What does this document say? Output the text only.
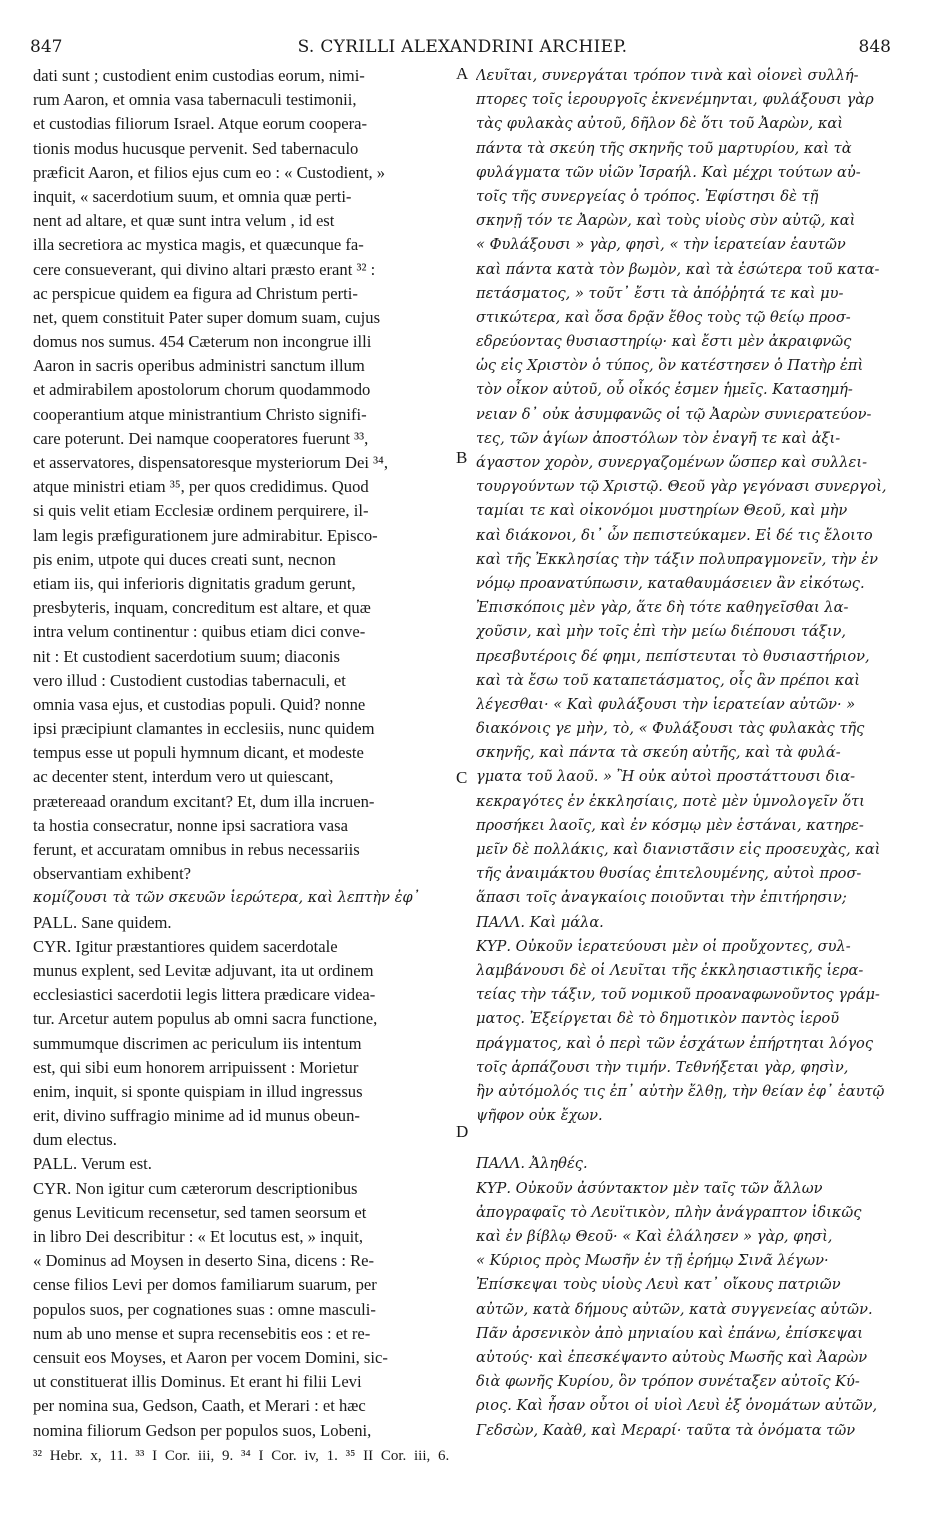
847	S. CYRILLI ALEXANDRINI ARCHIEP.	848
dati sunt ; custodient enim custodias eorum, nimi-
rum Aaron, et omnia vasa tabernaculi testimonii,
et custodias filiorum Israel. Atque eorum coopera-
tionis modus hucusque pervenit. Sed tabernaculo
præficit Aaron, et filios ejus cum eo : « Custodient, »
inquit, « sacerdotium suum, et omnia quæ perti-
nent ad altare, et quæ sunt intra velum , id est
illa secretiora ac mystica magis, et quæcunque fa-
cere consueverant, qui divino altari præsto erant ³² :
ac perspicue quidem ea figura ad Christum perti-
net, quem constituit Pater super domum suam, cujus
domus nos sumus. 454 Cæterum non incongrue illi
Aaron in sacris operibus administri sanctum illum
et admirabilem apostolorum chorum quodammodo
cooperantium atque ministrantium Christo signifi-
care poterunt. Dei namque cooperatores fuerunt ³³,
et asservatores, dispensatoresque mysteriorum Dei ³⁴,
atque ministri etiam ³⁵, per quos credidimus. Quod
si quis velit etiam Ecclesiæ ordinem perquirere, il-
lam legis præfigurationem jure admirabitur. Episco-
pis enim, utpote qui duces creati sunt, necnon
etiam iis, qui inferioris dignitatis gradum gerunt,
presbyteris, inquam, concreditum est altare, et quæ
intra velum continentur : quibus etiam dici conve-
nit : Et custodient sacerdotium suum; diaconis
vero illud : Custodient custodias tabernaculi, et
omnia vasa ejus, et custodias populi. Quid? nonne
ipsi præcipiunt clamantes in ecclesiis, nunc quidem
tempus esse ut populi hymnum dicant, et modeste
ac decenter stent, interdum vero ut quiescant,
prætereaad orandum excitant? Et, dum illa incruen-
ta hostia consecratur, nonne ipsi sacratiora vasa
ferunt, et accuratam omnibus in rebus necessariis
observantiam exhibent?
κομίζουσι τὰ τῶν σκευῶν ἱερώτερα, καὶ λεπτὴν ἐφ᾽
PALL. Sane quidem.
CYR. Igitur præstantiores quidem sacerdotale
munus explent, sed Levitæ adjuvant, ita ut ordinem
ecclesiastici sacerdotii legis littera prædicare videa-
tur. Arcetur autem populus ab omni sacra functione,
summumque discrimen ac periculum iis intentum
est, qui sibi eum honorem arripuissent : Morietur
enim, inquit, si sponte quispiam in illud ingressus
erit, divino suffragio minime ad id munus obeun-
dum electus.
PALL. Verum est.
CYR. Non igitur cum cæterorum descriptionibus
genus Leviticum recensetur, sed tamen seorsum et
in libro Dei describitur : « Et locutus est, » inquit,
« Dominus ad Moysen in deserto Sina, dicens : Re-
cense filios Levi per domos familiarum suarum, per
populos suos, per cognationes suas : omne masculi-
num ab uno mense et supra recensebitis eos : et re-
censuit eos Moyses, et Aaron per vocem Domini, sic-
ut constituerat illis Dominus. Et erant hi filii Levi
per nomina sua, Gedson, Caath, et Merari : et hæc
nomina filiorum Gedson per populos suos, Lobeni,
Λευῖται, συνεργάται τρόπον τινὰ καὶ οἱονεὶ συλλή-
πτορες τοῖς ἱερουργοῖς ἐκνενέμηνται, φυλάξουσι γὰρ
τὰς φυλακὰς αὐτοῦ, δῆλον δὲ ὅτι τοῦ Ἀαρὼν, καὶ
πάντα τὰ σκεύη τῆς σκηνῆς τοῦ μαρτυρίου, καὶ τὰ
φυλάγματα τῶν υἱῶν Ἰσραήλ. Καὶ μέχρι τούτων αὐ-
τοῖς τῆς συνεργείας ὁ τρόπος. Ἐφίστησι δὲ τῇ
σκηνῇ τόν τε Ἀαρὼν, καὶ τοὺς υἱοὺς σὺν αὐτῷ, καὶ
« Φυλάξουσι » γὰρ, φησὶ, « τὴν ἱερατείαν ἑαυτῶν
καὶ πάντα κατὰ τὸν βωμὸν, καὶ τὰ ἐσώτερα τοῦ κατα-
πετάσματος, » τοῦτ᾽ ἔστι τὰ ἀπόῤῥητά τε καὶ μυ-
στικώτερα, καὶ ὅσα δρᾷν ἔθος τοὺς τῷ θείῳ προσ-
εδρεύοντας θυσιαστηρίῳ· καὶ ἔστι μὲν ἀκραιφνῶς
ὡς εἰς Χριστὸν ὁ τύπος, ὃν κατέστησεν ὁ Πατὴρ ἐπὶ
τὸν οἶκον αὐτοῦ, οὗ οἶκός ἐσμεν ἡμεῖς. Κατασημή-
νειαν δ᾽ οὐκ ἀσυμφανῶς οἱ τῷ Ἀαρὼν συνιερατεύον-
τες, τῶν ἁγίων ἀποστόλων τὸν ἐναγῆ τε καὶ ἀξι-
άγαστον χορὸν, συνεργαζομένων ὥσπερ καὶ συλλει-
τουργούντων τῷ Χριστῷ. Θεοῦ γὰρ γεγόνασι συνεργοὶ,
ταμίαι τε καὶ οἰκονόμοι μυστηρίων Θεοῦ, καὶ μὴν
καὶ διάκονοι, δι᾽ ὧν πεπιστεύκαμεν. Εἰ δέ τις ἔλοιτο
καὶ τῆς Ἐκκλησίας τὴν τάξιν πολυπραγμονεῖν, τὴν ἐν
νόμῳ προανατύπωσιν, καταθαυμάσειεν ἂν εἰκότως.
Ἐπισκόποις μὲν γὰρ, ἅτε δὴ τότε καθηγεῖσθαι λα-
χοῦσιν, καὶ μὴν τοῖς ἐπὶ τὴν μείω διέπουσι τάξιν,
πρεσβυτέροις δέ φημι, πεπίστευται τὸ θυσιαστήριον,
καὶ τὰ ἔσω τοῦ καταπετάσματος, οἷς ἂν πρέποι καὶ
λέγεσθαι· « Καὶ φυλάξουσι τὴν ἱερατείαν αὐτῶν· »
διακόνοις γε μὴν, τὸ, « Φυλάξουσι τὰς φυλακὰς τῆς
σκηνῆς, καὶ πάντα τὰ σκεύη αὐτῆς, καὶ τὰ φυλά-
γματα τοῦ λαοῦ. » Ἢ οὐκ αὐτοὶ προστάττουσι δια-
κεκραγότες ἐν ἐκκλησίαις, ποτὲ μὲν ὑμνολογεῖν ὅτι
προσήκει λαοῖς, καὶ ἐν κόσμῳ μὲν ἑστάναι, κατηρε-
μεῖν δὲ πολλάκις, καὶ διανιστᾶσιν εἰς προσευχὰς, καὶ
τῆς ἀναιμάκτου θυσίας ἐπιτελουμένης, αὐτοὶ προσ-
ἅπασι τοῖς ἀναγκαίοις ποιοῦνται τὴν ἐπιτήρησιν;
ΠΑΛΛ. Καὶ μάλα.
ΚΥΡ. Οὐκοῦν ἱερατεύουσι μὲν οἱ προὔχοντες, συλ-
λαμβάνουσι δὲ οἱ Λευῖται τῆς ἐκκλησιαστικῆς ἱερα-
τείας τὴν τάξιν, τοῦ νομικοῦ προαναφωνοῦντος γράμ-
ματος. Ἐξείργεται δὲ τὸ δημοτικὸν παντὸς ἱεροῦ
πράγματος, καὶ ὁ περὶ τῶν ἐσχάτων ἐπήρτηται λόγος
τοῖς ἁρπάζουσι τὴν τιμήν. Τεθνήξεται γὰρ, φησὶν,
ἢν αὐτόμολός τις ἐπ᾽ αὐτὴν ἔλθῃ, τὴν θείαν ἐφ᾽ ἑαυτῷ
ψῆφον οὐκ ἔχων.
ΠΑΛΛ. Ἀληθές.
ΚΥΡ. Οὐκοῦν ἀσύντακτον μὲν ταῖς τῶν ἄλλων
ἀπογραφαῖς τὸ Λευϊτικὸν, πλὴν ἀνάγραπτον ἰδικῶς
καὶ ἐν βίβλῳ Θεοῦ· « Καὶ ἐλάλησεν » γὰρ, φησὶ,
« Κύριος πρὸς Μωσῆν ἐν τῇ ἐρήμῳ Σινᾶ λέγων·
Ἐπίσκεψαι τοὺς υἱοὺς Λευὶ κατ᾽ οἴκους πατριῶν
αὐτῶν, κατὰ δήμους αὐτῶν, κατὰ συγγενείας αὐτῶν.
Πᾶν ἀρσενικὸν ἀπὸ μηνιαίου καὶ ἐπάνω, ἐπίσκεψαι
αὐτούς· καὶ ἐπεσκέψαντο αὐτοὺς Μωσῆς καὶ Ἀαρὼν
διὰ φωνῆς Κυρίου, ὃν τρόπον συνέταξεν αὐτοῖς Κύ-
ριος. Καὶ ἦσαν οὗτοι οἱ υἱοὶ Λευὶ ἐξ ὀνομάτων αὐτῶν,
Γεδσὼν, Καὰθ, καὶ Μεραρί· ταῦτα τὰ ὀνόματα τῶν
A
B
C
D
³² Hebr. x, 11. ³³ I Cor. iii, 9. ³⁴ I Cor. iv, 1. ³⁵ II Cor. iii, 6.
